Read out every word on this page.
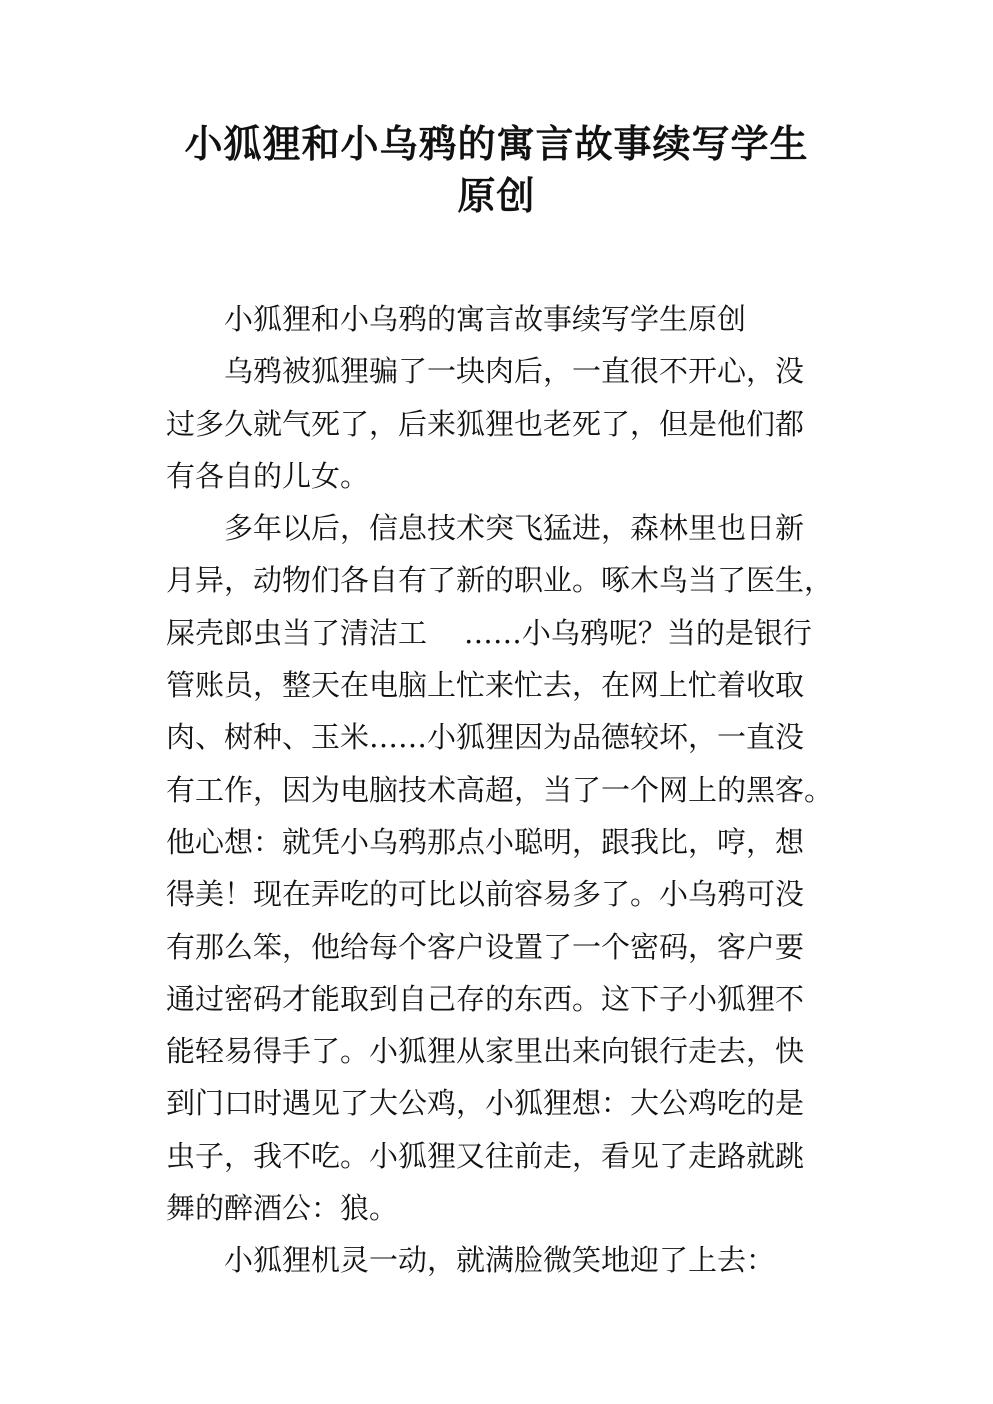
小狐狸和小乌鸦的寓言故事续写学生
原创

小狐狸和小乌鸦的寓言故事续写学生原创

乌鸦被狐狸骗了一块肉后，一直很不开心，没
过多久就气死了，后来狐狸也老死了，但是他们都
有各自的儿女。

多年以后，信息技术突飞猛进，森林里也日新
月异，动物们各自有了新的职业。啄木鸟当了医生，
屎壳郎虫当了清洁工    ……小乌鸦呢？当的是银行
管账员，整天在电脑上忙来忙去，在网上忙着收取
肉、树种、玉米……小狐狸因为品德较坏，一直没
有工作，因为电脑技术高超，当了一个网上的黑客。
他心想：就凭小乌鸦那点小聪明，跟我比，哼，想
得美！现在弄吃的可比以前容易多了。小乌鸦可没
有那么笨，他给每个客户设置了一个密码，客户要
通过密码才能取到自己存的东西。这下子小狐狸不
能轻易得手了。小狐狸从家里出来向银行走去，快
到门口时遇见了大公鸡，小狐狸想：大公鸡吃的是
虫子，我不吃。小狐狸又往前走，看见了走路就跳
舞的醉酒公：狼。

小狐狸机灵一动，就满脸微笑地迎了上去：
